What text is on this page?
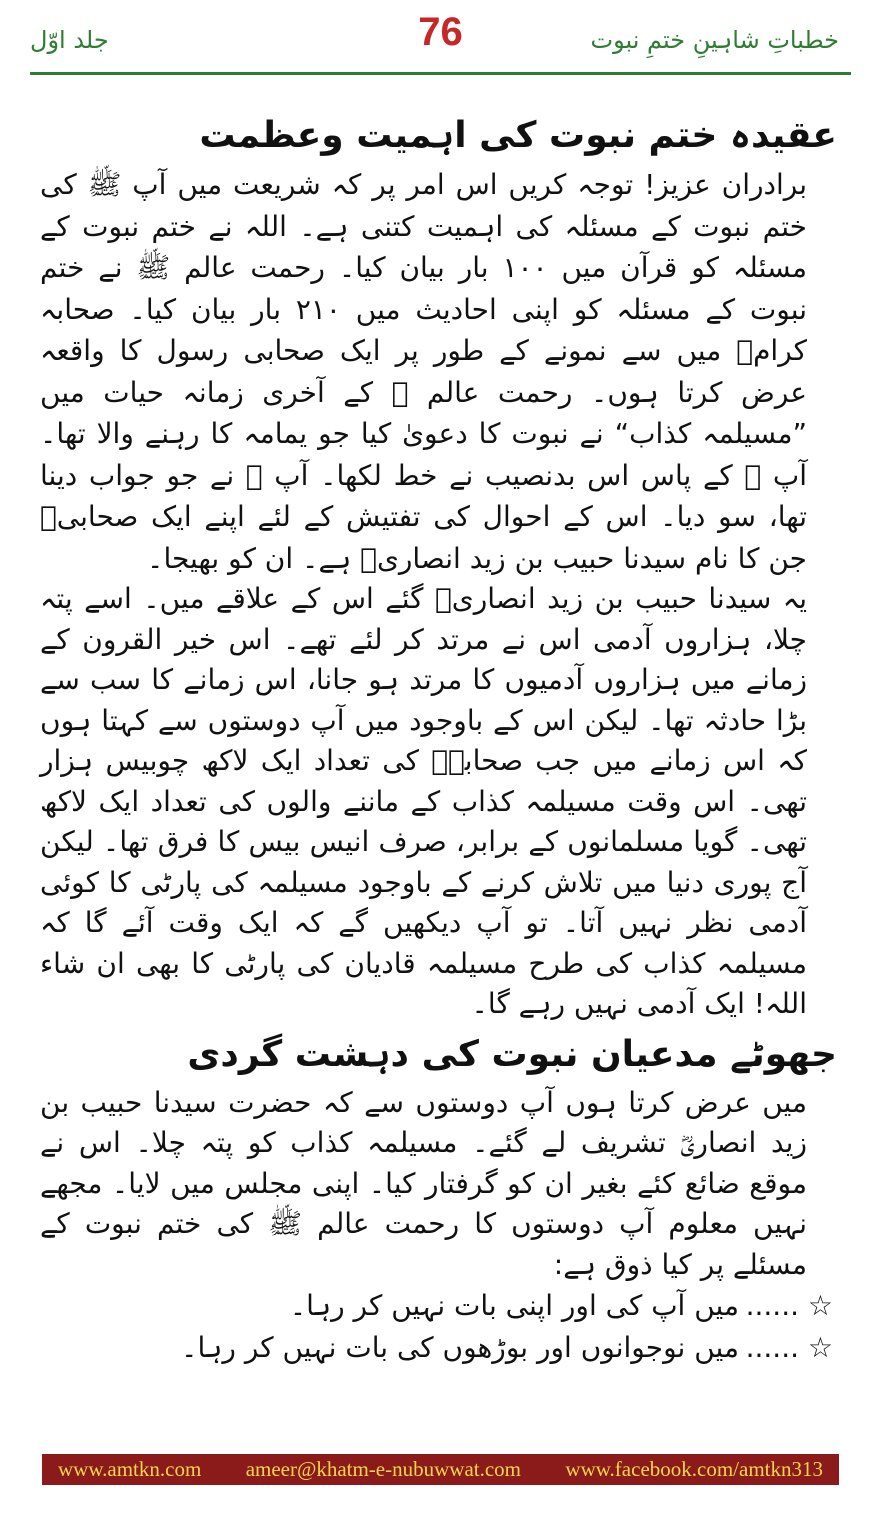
خطباتِ شاہینِ ختمِ نبوت
76
جلد اوّل
عقیدہ ختم نبوت کی اہمیت وعظمت

برادران عزیز! توجہ کریں اس امر پر کہ شریعت میں آپ ﷺ کی ختم نبوت کے مسئلہ کی اہمیت کتنی ہے۔ اللہ نے ختم نبوت کے مسئلہ کو قرآن میں ۱۰۰ بار بیان کیا۔ رحمت عالم ﷺ نے ختم نبوت کے مسئلہ کو اپنی احادیث میں ۲۱۰ بار بیان کیا۔ صحابہ کرامؓ میں سے نمونے کے طور پر ایک صحابی رسول کا واقعہ عرض کرتا ہوں۔ رحمت عالم ﷺ کے آخری زمانہ حیات میں ”مسیلمہ کذاب“ نے نبوت کا دعویٰ کیا جو یمامہ کا رہنے والا تھا۔ آپ ﷺ کے پاس اس بدنصیب نے خط لکھا۔ آپ ﷺ نے جو جواب دینا تھا، سو دیا۔ اس کے احوال کی تفتیش کے لئے اپنے ایک صحابیؓ جن کا نام سیدنا حبیب بن زید انصاریؓ ہے۔ ان کو بھیجا۔

یہ سیدنا حبیب بن زید انصاریؓ گئے اس کے علاقے میں۔ اسے پتہ چلا، ہزاروں آدمی اس نے مرتد کر لئے تھے۔ اس خیر القرون کے زمانے میں ہزاروں آدمیوں کا مرتد ہو جانا، اس زمانے کا سب سے بڑا حادثہ تھا۔ لیکن اس کے باوجود میں آپ دوستوں سے کہتا ہوں کہ اس زمانے میں جب صحابہؓ کی تعداد ایک لاکھ چوبیس ہزار تھی۔ اس وقت مسیلمہ کذاب کے ماننے والوں کی تعداد ایک لاکھ تھی۔ گویا مسلمانوں کے برابر، صرف انیس بیس کا فرق تھا۔ لیکن آج پوری دنیا میں تلاش کرنے کے باوجود مسیلمہ کی پارٹی کا کوئی آدمی نظر نہیں آتا۔ تو آپ دیکھیں گے کہ ایک وقت آئے گا کہ مسیلمہ کذاب کی طرح مسیلمہ قادیان کی پارٹی کا بھی ان شاء اللہ! ایک آدمی نہیں رہے گا۔

جھوٹے مدعیان نبوت کی دہشت گردی

میں عرض کرتا ہوں آپ دوستوں سے کہ حضرت سیدنا حبیب بن زید انصاریؓ تشریف لے گئے۔ مسیلمہ کذاب کو پتہ چلا۔ اس نے موقع ضائع کئے بغیر ان کو گرفتار کیا۔ اپنی مجلس میں لایا۔ مجھے نہیں معلوم آپ دوستوں کا رحمت عالم ﷺ کی ختم نبوت کے مسئلے پر کیا ذوق ہے:

☆......میں آپ کی اور اپنی بات نہیں کر رہا۔
☆......میں نوجوانوں اور بوڑھوں کی بات نہیں کر رہا۔
www.amtkn.com ameer@khatm-e-nubuwwat.com www.facebook.com/amtkn313
